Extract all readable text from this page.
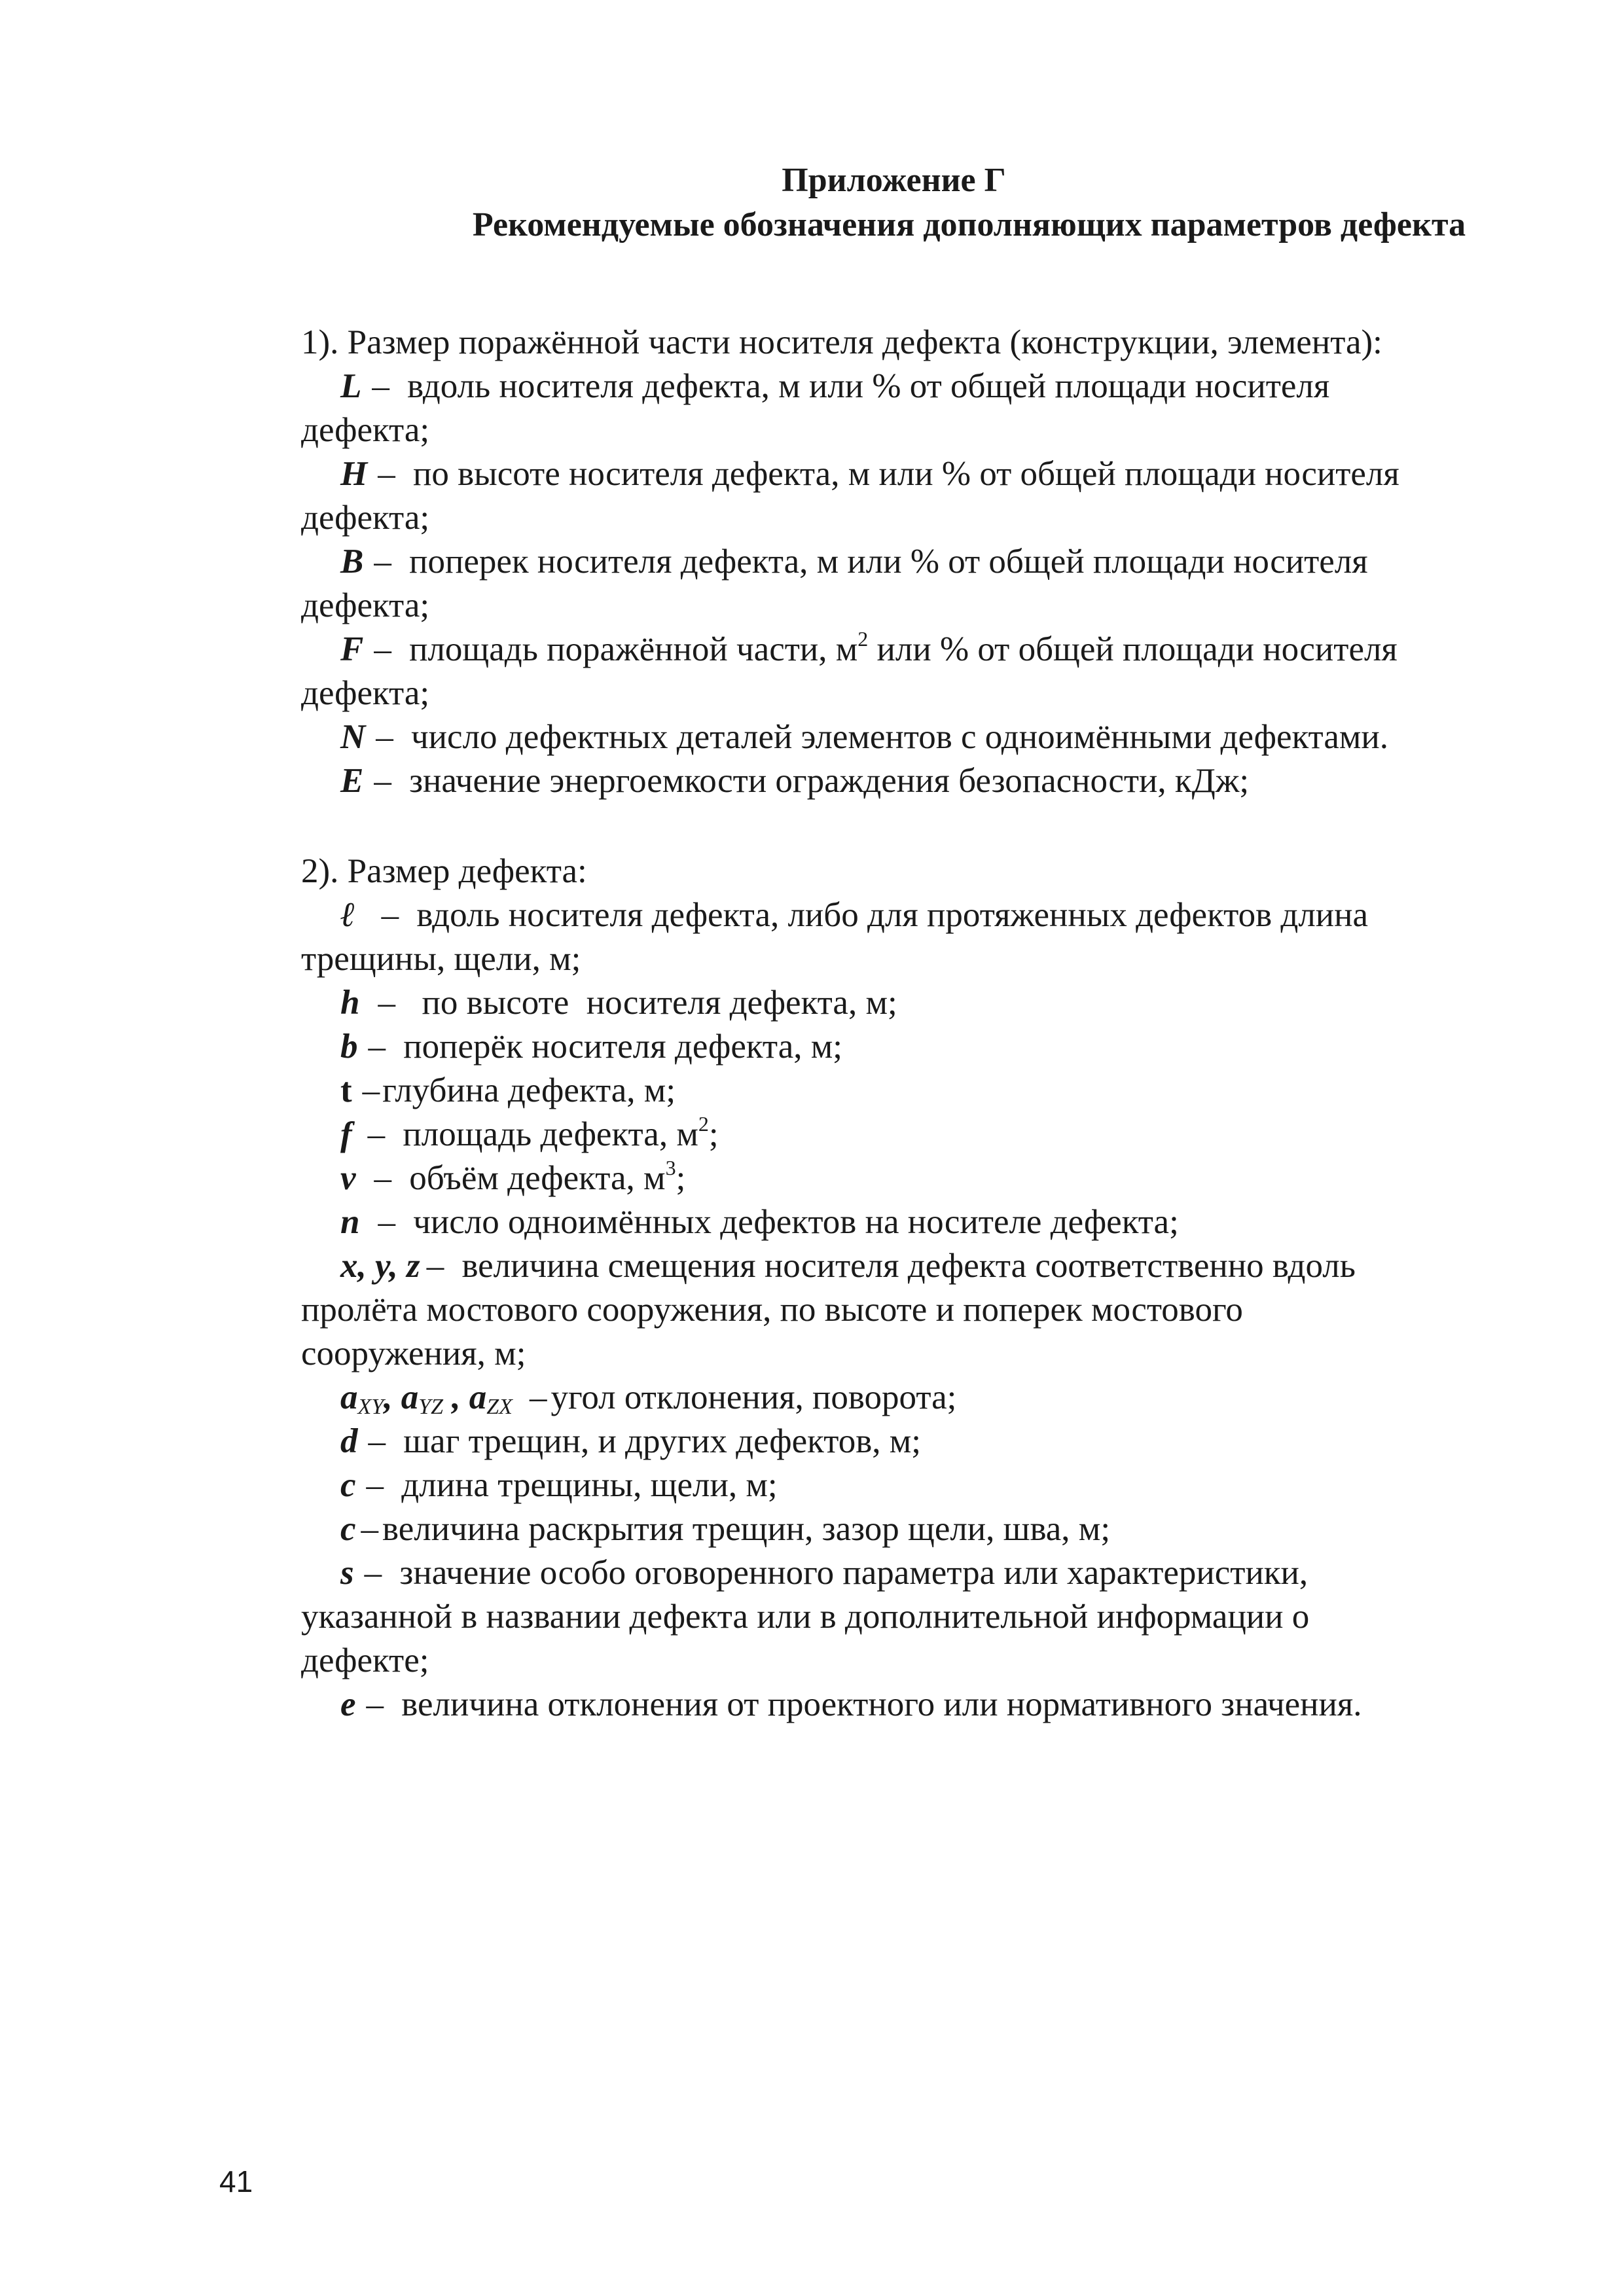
Приложение Г
Рекомендуемые обозначения дополняющих параметров дефекта

1). Размер поражённой части носителя дефекта (конструкции, элемента):

L – вдоль носителя дефекта, м или % от общей площади носителя
дефекта;
H – по высоте носителя дефекта, м или % от общей площади носителя
дефекта;
B – поперек носителя дефекта, м или % от общей площади носителя
дефекта;
F – площадь поражённой части, $м^2$ или % от общей площади носителя
дефекта;
N – число дефектных деталей элементов с одноимёнными дефектами.
E – значение энергоемкости ограждения безопасности, кДж;

2). Размер дефекта:

ℓ – вдоль носителя дефекта, либо для протяженных дефектов длина
трещины, щели, м;
h –  по высоте  носителя дефекта, м;
b – поперёк носителя дефекта, м;
t –глубина дефекта, м;
f – площадь дефекта, $м^2$;
v – объём дефекта, $м^3$;
n – число одноимённых дефектов на носителе дефекта;
x, y, z – величина смещения носителя дефекта соответственно вдоль
пролёта мостового сооружения, по высоте и поперек мостового
сооружения, м;
$a_{XY}$, $a_{YZ}$ , $a_{ZX}$ – угол отклонения, поворота;
d – шаг трещин, и других дефектов, м;
c – длина трещины, щели, м;
c – величина раскрытия трещин, зазор щели, шва, м;
s – значение особо оговоренного параметра или характеристики,
указанной в названии дефекта или в дополнительной информации о
дефекте;
e – величина отклонения от проектного или нормативного значения.
41
